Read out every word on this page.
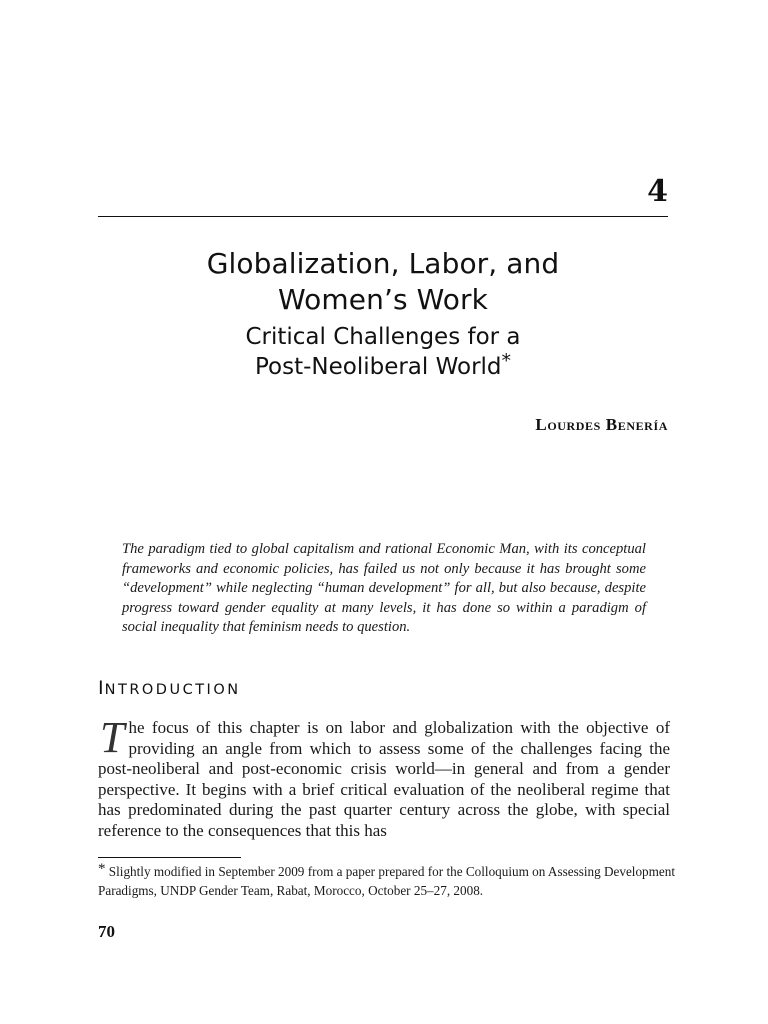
4
Globalization, Labor, and
Women’s Work
Critical Challenges for a
Post-Neoliberal World*
Lourdes Benería
The paradigm tied to global capitalism and rational Economic Man, with its conceptual frameworks and economic policies, has failed us not only because it has brought some “development” while neglecting “human development” for all, but also because, despite progress toward gender equality at many levels, it has done so within a paradigm of social inequality that feminism needs to question.
INTRODUCTION
The focus of this chapter is on labor and globalization with the objective of providing an angle from which to assess some of the challenges facing the post-neoliberal and post-economic crisis world—in general and from a gender perspective. It begins with a brief critical evaluation of the neoliberal regime that has predominated during the past quarter century across the globe, with special reference to the consequences that this has
* Slightly modified in September 2009 from a paper prepared for the Colloquium on Assessing Development Paradigms, UNDP Gender Team, Rabat, Morocco, October 25–27, 2008.
70
